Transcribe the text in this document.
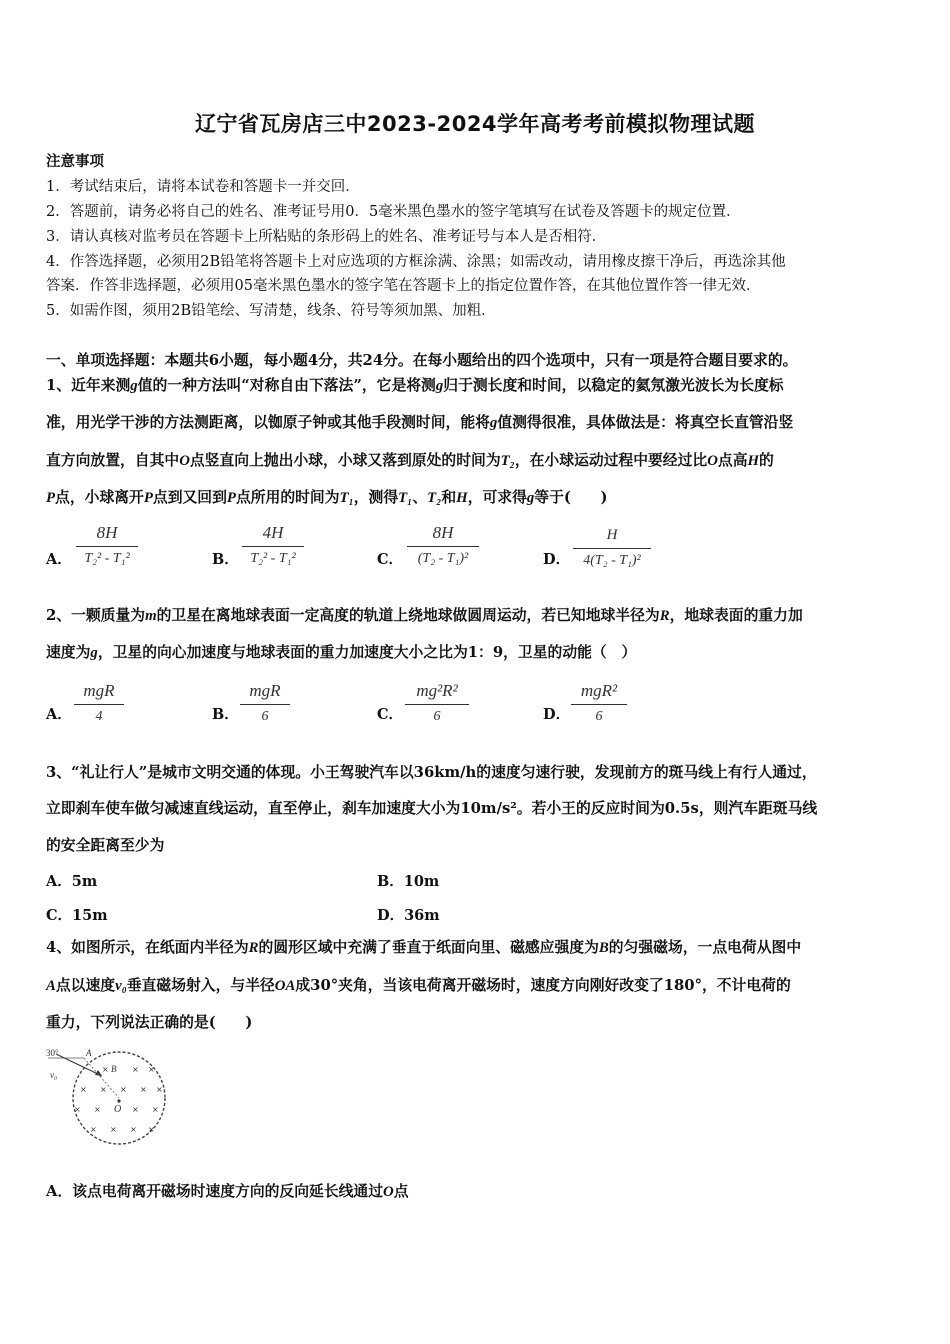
辽宁省瓦房店三中2023-2024学年高考考前模拟物理试题
注意事项
1．考试结束后，请将本试卷和答题卡一并交回．
2．答题前，请务必将自己的姓名、准考证号用0．5毫米黑色墨水的签字笔填写在试卷及答题卡的规定位置．
3．请认真核对监考员在答题卡上所粘贴的条形码上的姓名、准考证号与本人是否相符．
4．作答选择题，必须用2B铅笔将答题卡上对应选项的方框涂满、涂黑；如需改动，请用橡皮擦干净后，再选涂其他
答案．作答非选择题，必须用05毫米黑色墨水的签字笔在答题卡上的指定位置作答，在其他位置作答一律无效．
5．如需作图，须用2B铅笔绘、写清楚，线条、符号等须加黑、加粗．
一、单项选择题：本题共6小题，每小题4分，共24分。在每小题给出的四个选项中，只有一项是符合题目要求的。
1、近年来测g值的一种方法叫“对称自由下落法”，它是将测g归于测长度和时间，以稳定的氦氖激光波长为长度标
准，用光学干涉的方法测距离，以铷原子钟或其他手段测时间，能将g值测得很准，具体做法是：将真空长直管沿竖
直方向放置，自其中O点竖直向上抛出小球，小球又落到原处的时间为T₂，在小球运动过程中要经过比O点高H的
P点，小球离开P点到又回到P点所用的时间为T₁，测得T₁、T₂和H，可求得g等于(　　)
A．
8H
T₂² - T₁²	B．
4H
T₂² - T₁²	C．
8H
(T₂ - T₁)²	D．
H
4(T₂ - T₁)²
2、一颗质量为m的卫星在离地球表面一定高度的轨道上绕地球做圆周运动，若已知地球半径为R，地球表面的重力加
速度为g，卫星的向心加速度与地球表面的重力加速度大小之比为1：9，卫星的动能（　）
A．
mgR
4	B．
mgR
6	C．
mg²R²
6	D．
mgR²
6
3、“礼让行人”是城市文明交通的体现。小王驾驶汽车以36km/h的速度匀速行驶，发现前方的斑马线上有行人通过，
立即刹车使车做匀减速直线运动，直至停止，刹车加速度大小为10m/s²。若小王的反应时间为0.5s，则汽车距斑马线
的安全距离至少为
A．5m	B．10m
C．15m	D．36m
4、如图所示，在纸面内半径为R的圆形区域中充满了垂直于纸面向里、磁感应强度为B的匀强磁场，一点电荷从图中
A点以速度v₀垂直磁场射入，与半径OA成30°夹角，当该电荷离开磁场时，速度方向刚好改变了180°，不计电荷的
重力，下列说法正确的是(　　)
30°	A
v₀
B
O
×	× ×
× × × × ×
× ×	× ×
× × × ×
A．该点电荷离开磁场时速度方向的反向延长线通过O点
